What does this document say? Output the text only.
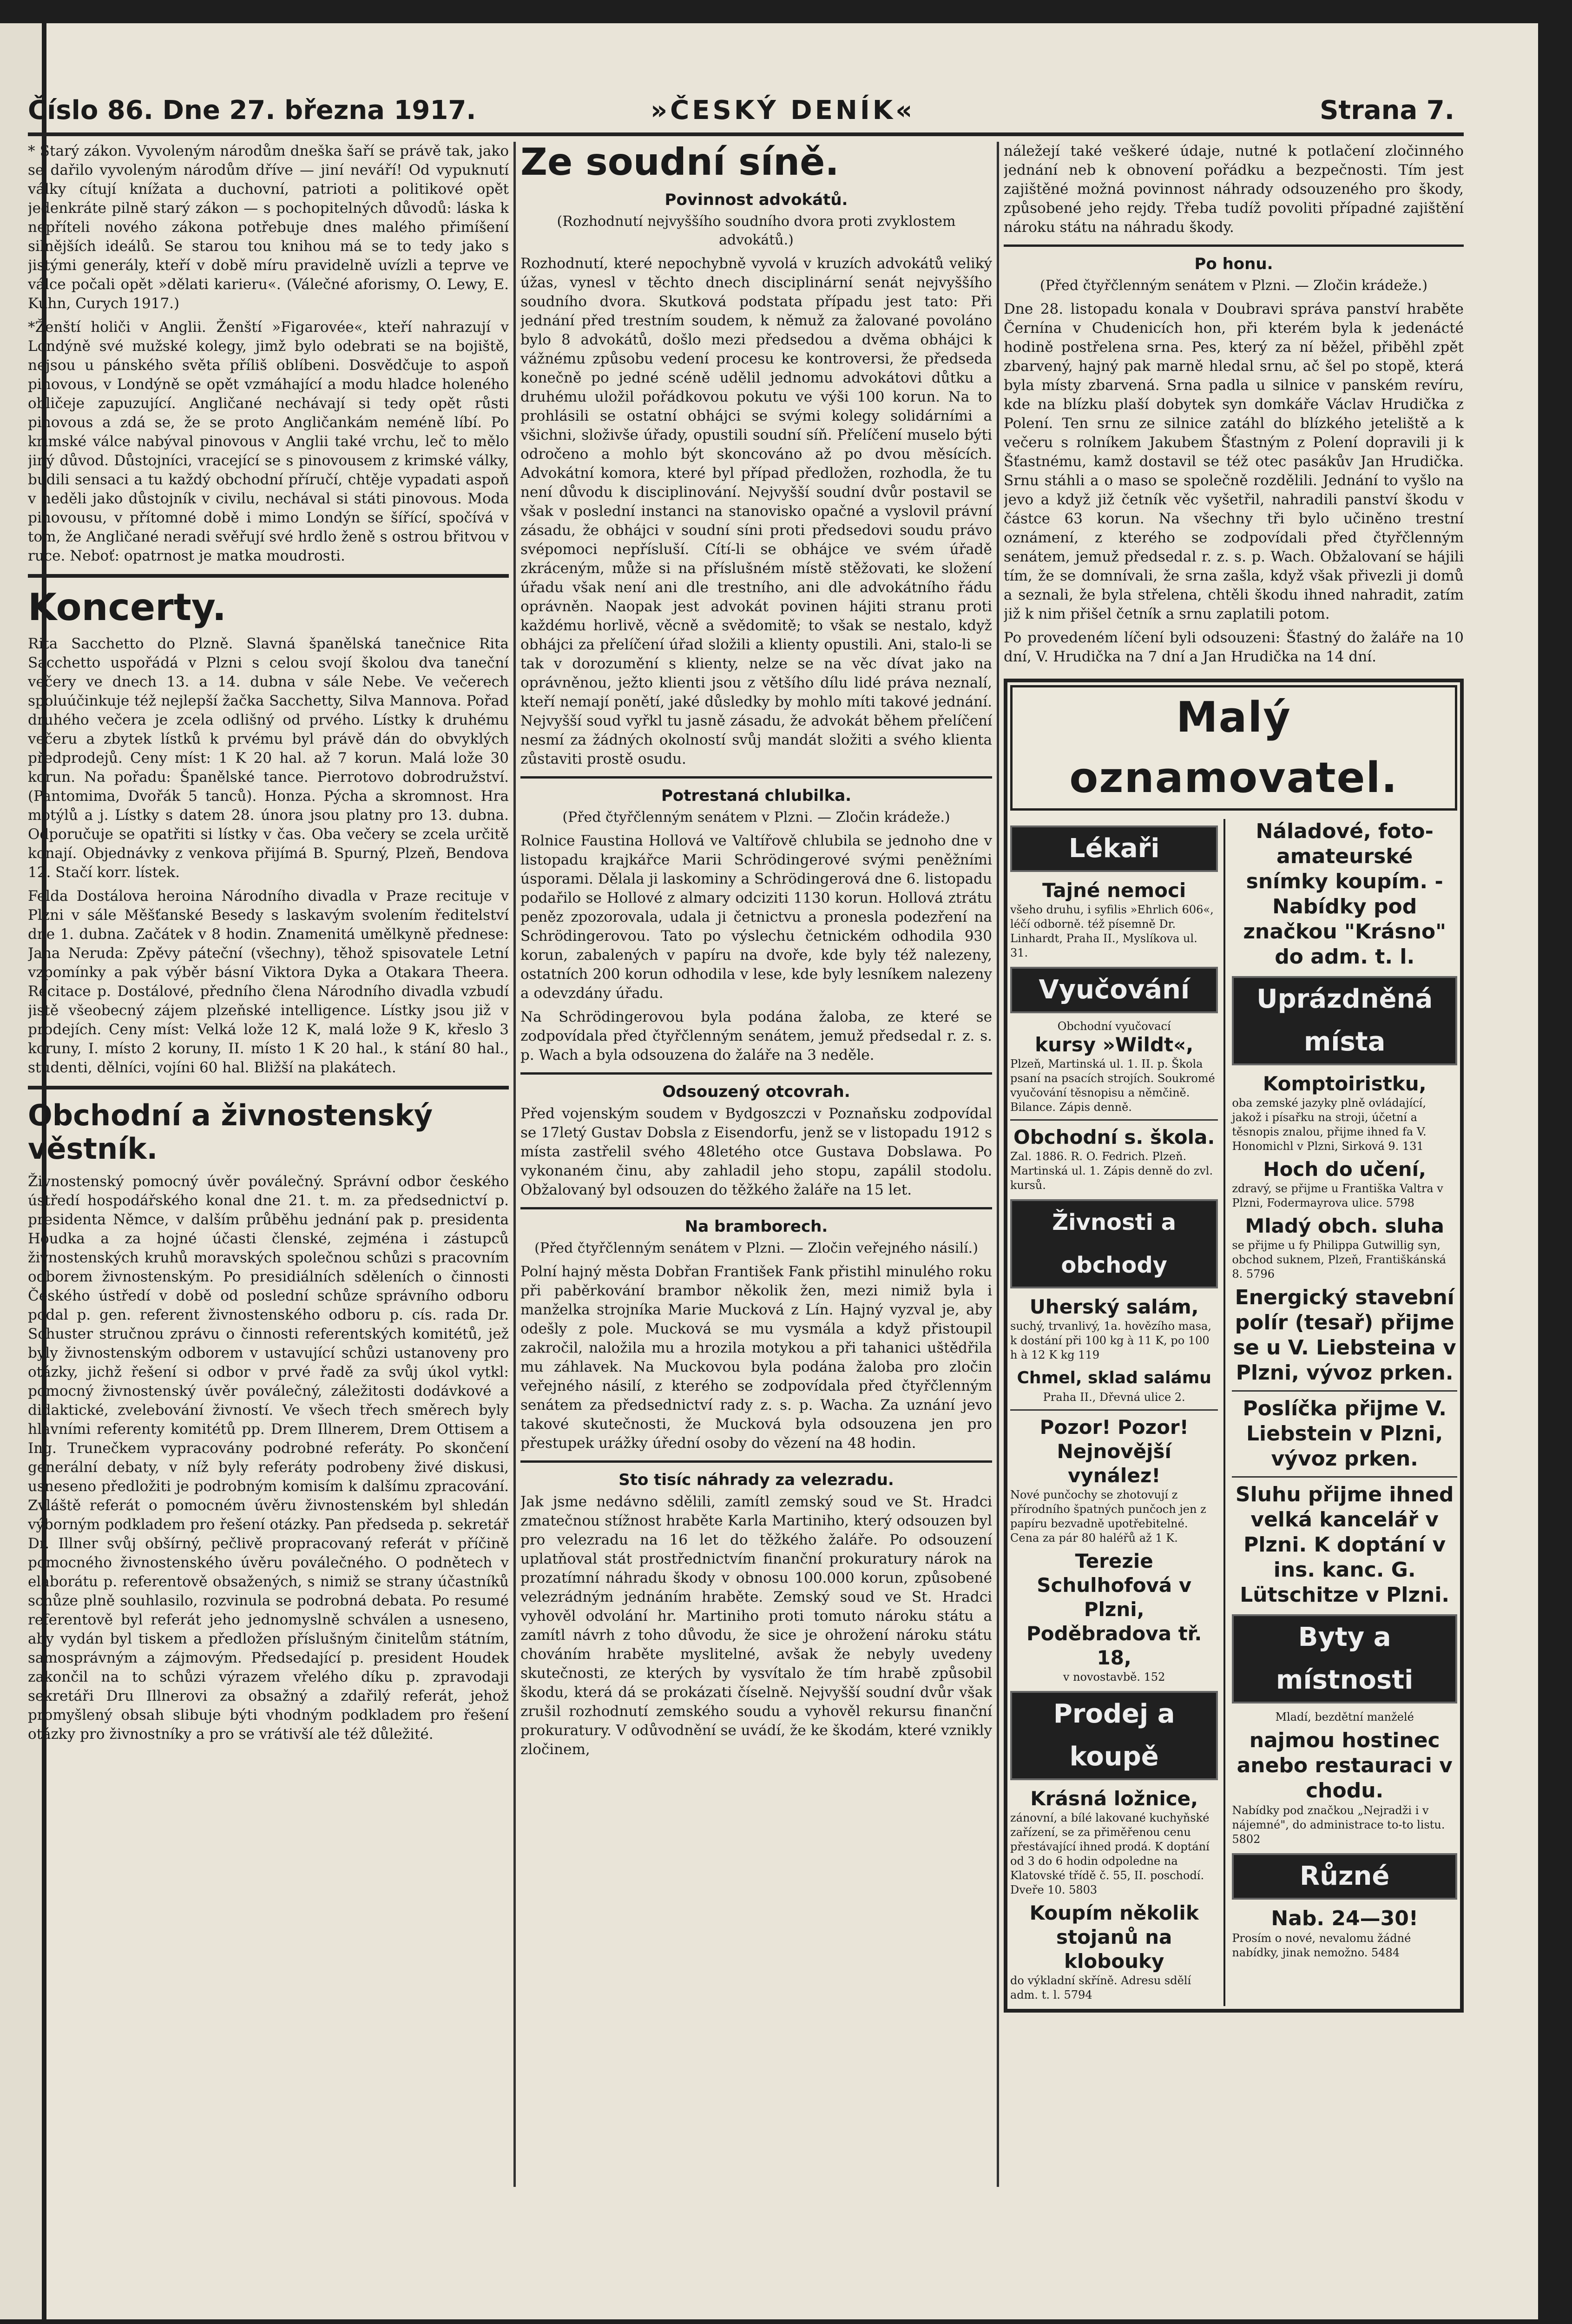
Číslo 86. Dne 27. března 1917.	»ČESKÝ DENÍK«	Strana 7.

* Starý zákon. Vyvoleným národům dneška šaří se právě tak, jako se dařilo vyvoleným národům dříve — jiní neváří! Od vypuknutí války cítují knížata a duchovní, patrioti a politikové opět jedenkráte pilně starý zákon — s pochopitelných důvodů: láska k nepříteli nového zákona potřebuje dnes malého přimíšení silnějších ideálů. Se starou tou knihou má se to tedy jako s jistými generály, kteří v době míru pravidelně uvízli a teprve ve válce počali opět »dělati karieru«. (Válečné aforismy, O. Lewy, E. Kuhn, Curych 1917.)

*Ženští holiči v Anglii. Ženští »Figarovée«, kteří nahrazují v Londýně své mužské kolegy, jimž bylo odebrati se na bojiště, nejsou u pánského světa příliš oblíbeni. Dosvědčuje to aspoň pinovous, v Londýně se opět vzmáhající a modu hladce holeného obličeje zapuzující. Angličané nechávají si tedy opět růsti pinovous a zdá se, že se proto Angličankám neméně líbí. Po krimské válce nabýval pinovous v Anglii také vrchu, leč to mělo jiný důvod. Důstojníci, vracející se s pinovousem z krimské války, budili sensaci a tu každý obchodní příručí, chtěje vypadati aspoň v neděli jako důstojník v civilu, nechával si státi pinovous. Moda pinovousu, v přítomné době i mimo Londýn se šířící, spočívá v tom, že Angličané neradi svěřují své hrdlo ženě s ostrou břitvou v ruce. Neboť: opatrnost je matka moudrosti.

Koncerty.

Rita Sacchetto do Plzně. Slavná španělská tanečnice Rita Sacchetto uspořádá v Plzni s celou svojí školou dva taneční večery ve dnech 13. a 14. dubna v sále Nebe. Ve večerech spoluúčinkuje též nejlepší žačka Sacchetty, Silva Mannova. Pořad druhého večera je zcela odlišný od prvého. Lístky k druhému večeru a zbytek lístků k prvému byl právě dán do obvyklých předprodejů. Ceny míst: 1 K 20 hal. až 7 korun. Malá lože 30 korun. Na pořadu: Španělské tance. Pierrotovo dobrodružství. (Pantomima, Dvořák 5 tanců). Honza. Pýcha a skromnost. Hra motýlů a j. Lístky s datem 28. února jsou platny pro 13. dubna. Odporučuje se opatřiti si lístky v čas. Oba večery se zcela určitě konají. Objednávky z venkova přijímá B. Spurný, Plzeň, Bendova 12. Stačí korr. lístek.

Felda Dostálova heroina Národního divadla v Praze recituje v Plzni v sále Měšťanské Besedy s laskavým svolením ředitelství dne 1. dubna. Začátek v 8 hodin. Znamenitá umělkyně přednese: Jana Neruda: Zpěvy páteční (všechny), těhož spisovatele Letní vzpomínky a pak výběr básní Viktora Dyka a Otakara Theera. Recitace p. Dostálové, předního člena Národního divadla vzbudí jistě všeobecný zájem plzeňské intelligence. Lístky jsou již v prodejích. Ceny míst: Velká lože 12 K, malá lože 9 K, křeslo 3 koruny, I. místo 2 koruny, II. místo 1 K 20 hal., k stání 80 hal., studenti, dělníci, vojíni 60 hal. Bližší na plakátech.

Obchodní a živnostenský věstník.

Živnostenský pomocný úvěr poválečný. Správní odbor českého ústředí hospodářského konal dne 21. t. m. za předsednictví p. presidenta Němce, v dalším průběhu jednání pak p. presidenta Houdka a za hojné účasti členské, zejména i zástupců živnostenských kruhů moravských společnou schůzi s pracovním odborem živnostenským. Po presidiálních sděleních o činnosti Českého ústředí v době od poslední schůze správního odboru podal p. gen. referent živnostenského odboru p. cís. rada Dr. Schuster stručnou zprávu o činnosti referentských komitétů, jež byly živnostenským odborem v ustavující schůzi ustanoveny pro otázky, jichž řešení si odbor v prvé řadě za svůj úkol vytkl: pomocný živnostenský úvěr poválečný, záležitosti dodávkové a didaktické, zvelebování živností. Ve všech třech směrech byly hlavními referenty komitétů pp. Drem Illnerem, Drem Ottisem a Ing. Trunečkem vypracovány podrobné referáty. Po skončení generální debaty, v níž byly referáty podrobeny živé diskusi, usneseno předložiti je podrobným komisím k dalšímu zpracování. Zvláště referát o pomocném úvěru živnostenském byl shledán výborným podkladem pro řešení otázky. Pan předseda p. sekretář Dr. Illner svůj obšírný, pečlivě propracovaný referát v příčině pomocného živnostenského úvěru poválečného. O podnětech v elaborátu p. referentově obsažených, s nimiž se strany účastníků schůze plně souhlasilo, rozvinula se podrobná debata. Po resumé referentově byl referát jeho jednomyslně schválen a usneseno, aby vydán byl tiskem a předložen příslušným činitelům státním, samosprávným a zájmovým. Předsedající p. president Houdek zakončil na to schůzi výrazem vřelého díku p. zpravodaji sekretáři Dru Illnerovi za obsažný a zdařilý referát, jehož promyšlený obsah slibuje býti vhodným podkladem pro řešení otázky pro živnostníky a pro se vrátivší ale též důležité.

Ze soudní síně.
Povinnost advokátů.
(Rozhodnutí nejvyššího soudního dvora proti zvyklostem advokátů.)

Rozhodnutí, které nepochybně vyvolá v kruzích advokátů veliký úžas, vynesl v těchto dnech disciplinární senát nejvyššího soudního dvora. Skutková podstata případu jest tato: Při jednání před trestním soudem, k němuž za žalované povoláno bylo 8 advokátů, došlo mezi předsedou a dvěma obhájci k vážnému způsobu vedení procesu ke kontroversi, že předseda konečně po jedné scéně udělil jednomu advokátovi důtku a druhému uložil pořádkovou pokutu ve výši 100 korun. Na to prohlásili se ostatní obhájci se svými kolegy solidárními a všichni, složivše úřady, opustili soudní síň. Přelíčení muselo býti odročeno a mohlo být skoncováno až po dvou měsících. Advokátní komora, které byl případ předložen, rozhodla, že tu není důvodu k disciplinování. Nejvyšší soudní dvůr postavil se však v poslední instanci na stanovisko opačné a vyslovil právní zásadu, že obhájci v soudní síni proti předsedovi soudu právo svépomoci nepřísluší. Cítí-li se obhájce ve svém úřadě zkráceným, může si na příslušném místě stěžovati, ke složení úřadu však není ani dle trestního, ani dle advokátního řádu oprávněn. Naopak jest advokát povinen hájiti stranu proti každému horlivě, věcně a svědomitě; to však se nestalo, když obhájci za přelíčení úřad složili a klienty opustili. Ani, stalo-li se tak v dorozumění s klienty, nelze se na věc dívat jako na oprávněnou, ježto klienti jsou z většího dílu lidé práva neznalí, kteří nemají ponětí, jaké důsledky by mohlo míti takové jednání. Nejvyšší soud vyřkl tu jasně zásadu, že advokát během přelíčení nesmí za žádných okolností svůj mandát složiti a svého klienta zůstaviti prostě osudu.

Potrestaná chlubilka.
(Před čtyřčlenným senátem v Plzni. — Zločin krádeže.)

Rolnice Faustina Hollová ve Valtířově chlubila se jednoho dne v listopadu krajkářce Marii Schrödingerové svými peněžními úsporami. Dělala ji laskominy a Schrödingerová dne 6. listopadu podařilo se Hollové z almary odciziti 1130 korun. Hollová ztrátu peněz zpozorovala, udala ji četnictvu a pronesla podezření na Schrödingerovou. Tato po výslechu četnickém odhodila 930 korun, zabalených v papíru na dvoře, kde byly též nalezeny, ostatních 200 korun odhodila v lese, kde byly lesníkem nalezeny a odevzdány úřadu.

Na Schrödingerovou byla podána žaloba, ze které se zodpovídala před čtyřčlenným senátem, jemuž předsedal r. z. s. p. Wach a byla odsouzena do žaláře na 3 neděle.

Odsouzený otcovrah.

Před vojenským soudem v Bydgoszczi v Poznaňsku zodpovídal se 17letý Gustav Dobsla z Eisendorfu, jenž se v listopadu 1912 s místa zastřelil svého 48letého otce Gustava Dobslawa. Po vykonaném činu, aby zahladil jeho stopu, zapálil stodolu. Obžalovaný byl odsouzen do těžkého žaláře na 15 let.

Na bramborech.
(Před čtyřčlenným senátem v Plzni. — Zločin veřejného násilí.)

Polní hajný města Dobřan František Fank přistihl minulého roku při paběrkování brambor několik žen, mezi nimiž byla i manželka strojníka Marie Mucková z Lín. Hajný vyzval je, aby odešly z pole. Mucková se mu vysmála a když přistoupil zakročil, naložila mu a hrozila motykou a při tahanici uštědřila mu záhlavek. Na Muckovou byla podána žaloba pro zločin veřejného násilí, z kterého se zodpovídala před čtyřčlenným senátem za předsednictví rady z. s. p. Wacha. Za uznání jevo takové skutečnosti, že Mucková byla odsouzena jen pro přestupek urážky úřední osoby do vězení na 48 hodin.

Sto tisíc náhrady za velezradu.

Jak jsme nedávno sdělili, zamítl zemský soud ve St. Hradci zmatečnou stížnost hraběte Karla Martiniho, který odsouzen byl pro velezradu na 16 let do těžkého žaláře. Po odsouzení uplatňoval stát prostřednictvím finanční prokuratury nárok na prozatímní náhradu škody v obnosu 100.000 korun, způsobené velezrádným jednáním hraběte. Zemský soud ve St. Hradci vyhověl odvolání hr. Martiniho proti tomuto nároku státu a zamítl návrh z toho důvodu, že sice je ohrožení nároku státu chováním hraběte myslitelné, avšak že nebyly uvedeny skutečnosti, ze kterých by vysvítalo že tím hrabě způsobil škodu, která dá se prokázati číselně. Nejvyšší soudní dvůr však zrušil rozhodnutí zemského soudu a vyhověl rekursu finanční prokuratury. V odůvodnění se uvádí, že ke škodám, které vznikly zločinem,

náležejí také veškeré údaje, nutné k potlačení zločinného jednání neb k obnovení pořádku a bezpečnosti. Tím jest zajištěné možná povinnost náhrady odsouzeného pro škody, způsobené jeho rejdy. Třeba tudíž povoliti případné zajištění nároku státu na náhradu škody.

Po honu.
(Před čtyřčlenným senátem v Plzni. — Zločin krádeže.)

Dne 28. listopadu konala v Doubravi správa panství hraběte Černína v Chudenicích hon, při kterém byla k jedenácté hodině postřelena srna. Pes, který za ní běžel, přiběhl zpět zbarvený, hajný pak marně hledal srnu, ač šel po stopě, která byla místy zbarvená. Srna padla u silnice v panském revíru, kde na blízku plaší dobytek syn domkáře Václav Hrudička z Polení. Ten srnu ze silnice zatáhl do blízkého jeteliště a k večeru s rolníkem Jakubem Šťastným z Polení dopravili ji k Šťastnému, kamž dostavil se též otec pasákův Jan Hrudička. Srnu stáhli a o maso se společně rozdělili. Jednání to vyšlo na jevo a když již četník věc vyšetřil, nahradili panství škodu v částce 63 korun. Na všechny tři bylo učiněno trestní oznámení, z kterého se zodpovídali před čtyřčlenným senátem, jemuž předsedal r. z. s. p. Wach. Obžalovaní se hájili tím, že se domnívali, že srna zašla, když však přivezli ji domů a seznali, že byla střelena, chtěli škodu ihned nahradit, zatím již k nim přišel četník a srnu zaplatili potom.

Po provedeném líčení byli odsouzeni: Šťastný do žaláře na 10 dní, V. Hrudička na 7 dní a Jan Hrudička na 14 dní.

Malý oznamovatel.
Lékaři
Tajné nemoci

všeho druhu, i syfilis »Ehrlich 606«, léčí odborně. též písemně Dr. Linhardt, Praha II., Myslíkova ul. 31.

Vyučování
Obchodní vyučovací
kursy »Wildt«,

Plzeň, Martinská ul. 1. II. p. Škola psaní na psacích strojích. Soukromé vyučování těsnopisu a němčině. Bilance. Zápis denně.

Obchodní s. škola.

Zal. 1886. R. O. Fedrich. Plzeň. Martinská ul. 1. Zápis denně do zvl. kursů.

Živnosti a obchody
Uherský salám,

suchý, trvanlivý, 1a. hovězího masa, k dostání při 100 kg à 11 K, po 100 h à 12 K kg 119

Chmel, sklad salámu

Praha II., Dřevná ulice 2.

Pozor! Pozor!
Nejnovější vynález!

Nové punčochy se zhotovují z přírodního špatných punčoch jen z papíru bezvadně upotřebitelné. Cena za pár 80 haléřů až 1 K.

Terezie Schulhofová v Plzni, Poděbradova tř. 18,

v novostavbě. 152

Prodej a koupě
Krásná ložnice,

zánovní, a bílé lakované kuchyňské zařízení, se za přiměřenou cenu přestávající ihned prodá. K doptání od 3 do 6 hodin odpoledne na Klatovské třídě č. 55, II. poschodí. Dveře 10. 5803

Koupím několik stojanů na klobouky

do výkladní skříně. Adresu sdělí adm. t. l. 5794

Náladové, foto-amateurské snímky koupím. - Nabídky pod značkou "Krásno" do adm. t. l.
Uprázdněná místa
Komptoiristku,

oba zemské jazyky plně ovládající, jakož i písařku na stroji, účetní a těsnopis znalou, přijme ihned fa V. Honomichl v Plzni, Sirková 9. 131

Hoch do učení,

zdravý, se přijme u Františka Valtra v Plzni, Fodermayrova ulice. 5798

Mladý obch. sluha

se přijme u fy Philippa Gutwillig syn, obchod suknem, Plzeň, Františkánská 8. 5796

Energický stavební polír (tesař) přijme se u V. Liebsteina v Plzni, vývoz prken.
Poslíčka přijme V. Liebstein v Plzni, vývoz prken.
Sluhu přijme ihned velká kancelář v Plzni. K doptání v ins. kanc. G. Lütschitze v Plzni.
Byty a místnosti

Mladí, bezdětní manželé

najmou hostinec anebo restauraci v chodu.

Nabídky pod značkou „Nejradži i v nájemné", do administrace to-to listu. 5802

Různé
Nab. 24—30!

Prosím o nové, nevalomu žádné nabídky, jinak nemožno. 5484
